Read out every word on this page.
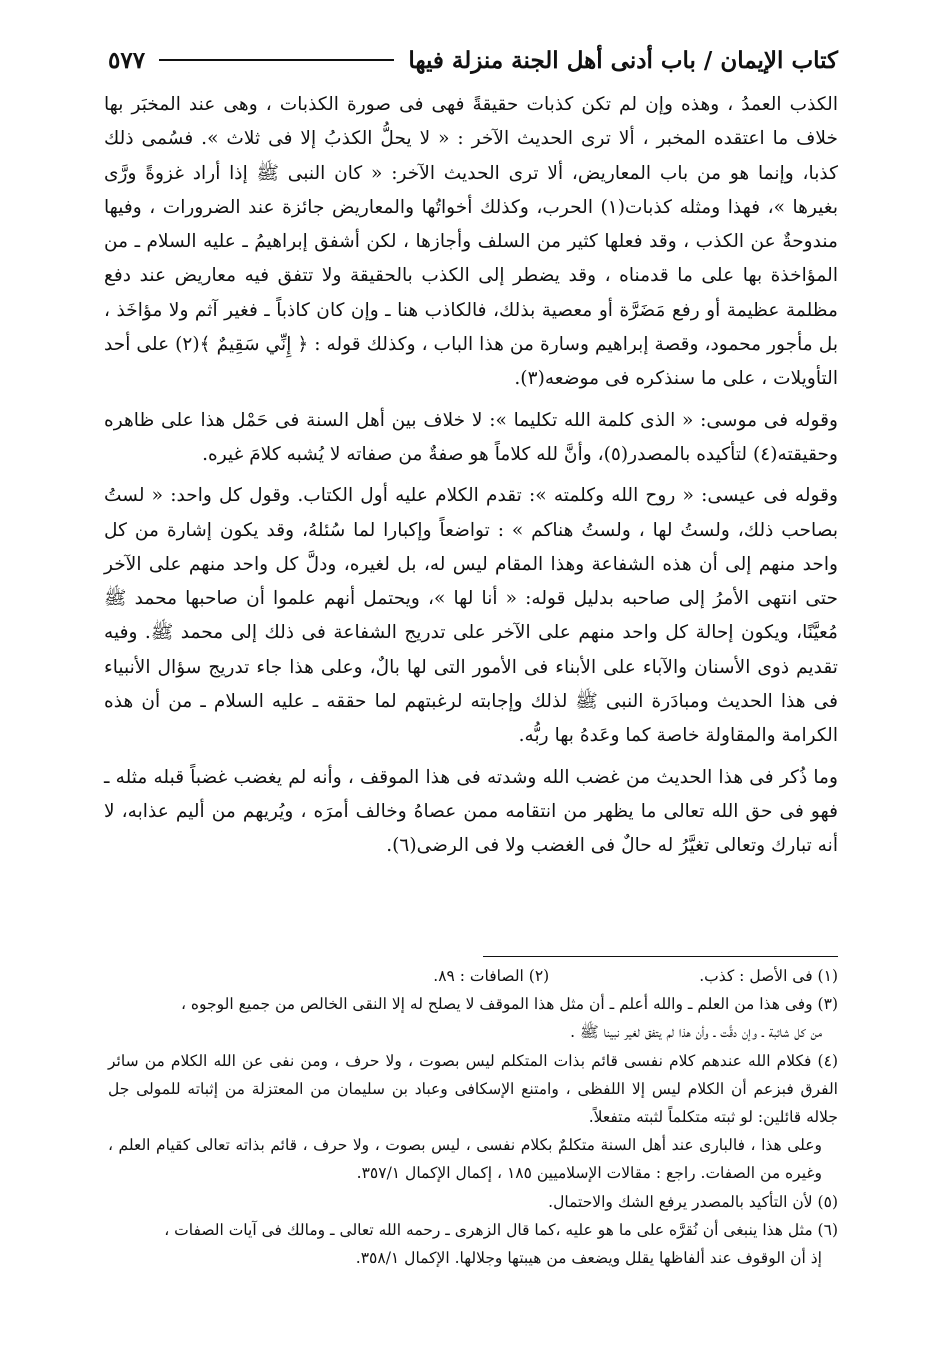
كتاب الإيمان / باب أدنى أهل الجنة منزلة فيها
٥٧٧

الكذب العمدُ ، وهذه وإن لم تكن كذبات حقيقةً فهى فى صورة الكذبات ، وهى عند المخبَر بها خلاف ما اعتقده المخبر ، ألا ترى الحديث الآخر : « لا يحلُّ الكذبُ إلا فى ثلاث ». فسُمى ذلك كذبا، وإنما هو من باب المعاريض، ألا ترى الحديث الآخر: « كان النبى ﷺ إذا أراد غزوةً ورَّى بغيرها »، فهذا ومثله كذبات(١) الحرب، وكذلك أخواتُها والمعاريض جائزة عند الضرورات ، وفيها مندوحةٌ عن الكذب ، وقد فعلها كثير من السلف وأجازها ، لكن أشفق إبراهيمُ ـ عليه السلام ـ من المؤاخذة بها على ما قدمناه ، وقد يضطر إلى الكذب بالحقيقة ولا تتفق فيه معاريض عند دفع مظلمة عظيمة أو رفع مَضَرَّة أو معصية بذلك، فالكاذب هنا ـ وإن كان كاذباً ـ فغير آثم ولا مؤاخَذ ، بل مأجور محمود، وقصة إبراهيم وسارة من هذا الباب ، وكذلك قوله : ﴿ إِنِّي سَقِيمٌ ﴾(٢) على أحد التأويلات ، على ما سنذكره فى موضعه(٣).

وقوله فى موسى: « الذى كلمة الله تكليما »: لا خلاف بين أهل السنة فى حَمْل هذا على ظاهره وحقيقته(٤) لتأكيده بالمصدر(٥)، وأنَّ لله كلاماً هو صفةٌ من صفاته لا يُشبه كلامَ غيره.

وقوله فى عيسى: « روح الله وكلمته »: تقدم الكلام عليه أول الكتاب. وقول كل واحد: « لستُ بصاحب ذلك، ولستُ لها ، ولستُ هناكم » : تواضعاً وإكبارا لما سُئلهُ، وقد يكون إشارة من كل واحد منهم إلى أن هذه الشفاعة وهذا المقام ليس له، بل لغيره، ودلَّ كل واحد منهم على الآخر حتى انتهى الأمرُ إلى صاحبه بدليل قوله: « أنا لها »، ويحتمل أنهم علموا أن صاحبها محمد ﷺ مُعيَّنًا، ويكون إحالة كل واحد منهم على الآخر على تدريج الشفاعة فى ذلك إلى محمد ﷺ. وفيه تقديم ذوى الأسنان والآباء على الأبناء فى الأمور التى لها بالٌ، وعلى هذا جاء تدريج سؤال الأنبياء فى هذا الحديث ومبادَرة النبى ﷺ لذلك وإجابته لرغبتهم لما حققه ـ عليه السلام ـ من أن هذه الكرامة والمقاولة خاصة كما وعَدهُ بها ربُّه.

وما ذُكر فى هذا الحديث من غضب الله وشدته فى هذا الموقف ، وأنه لم يغضب غضباً قبله مثله ـ فهو فى حق الله تعالى ما يظهر من انتقامه ممن عصاهُ وخالف أمرَه ، ويُريهم من أليم عذابه، لا أنه تبارك وتعالى تغيَّرُ له حالٌ فى الغضب ولا فى الرضى(٦).

(١) فى الأصل : كذب.
(٢) الصافات : ٨٩.

(٣) وفى هذا من العلم ـ والله أعلم ـ أن مثل هذا الموقف لا يصلح له إلا النقى الخالص من جميع الوجوه ،

من كل شائبة ـ وإن دقَّت ـ وأن هذا لم يتفق لغير نبينا ﷺ .

(٤) فكلام الله عندهم كلام نفسى قائم بذات المتكلم ليس بصوت ، ولا حرف ، ومن نفى عن الله الكلام من سائر الفرق فبزعم أن الكلام ليس إلا اللفظى ، وامتنع الإسكافى وعباد بن سليمان من المعتزلة من إثباته للمولى جل جلاله قائلين: لو ثبته متكلماً لثبته متفعلاً.

وعلى هذا ، فالبارى عند أهل السنة متكلمٌ بكلام نفسى ، ليس بصوت ، ولا حرف ، قائم بذاته تعالى كقيام العلم ، وغيره من الصفات. راجع : مقالات الإسلاميين ١٨٥ ، إكمال الإكمال ٣٥٧/١.

(٥) لأن التأكيد بالمصدر يرفع الشك والاحتمال.

(٦) مثل هذا ينبغى أن نُقرَّه على ما هو عليه ،كما قال الزهرى ـ رحمه الله تعالى ـ ومالك فى آيات الصفات ،

إذ أن الوقوف عند ألفاظها يقلل ويضعف من هيبتها وجلالها. الإكمال ٣٥٨/١.
